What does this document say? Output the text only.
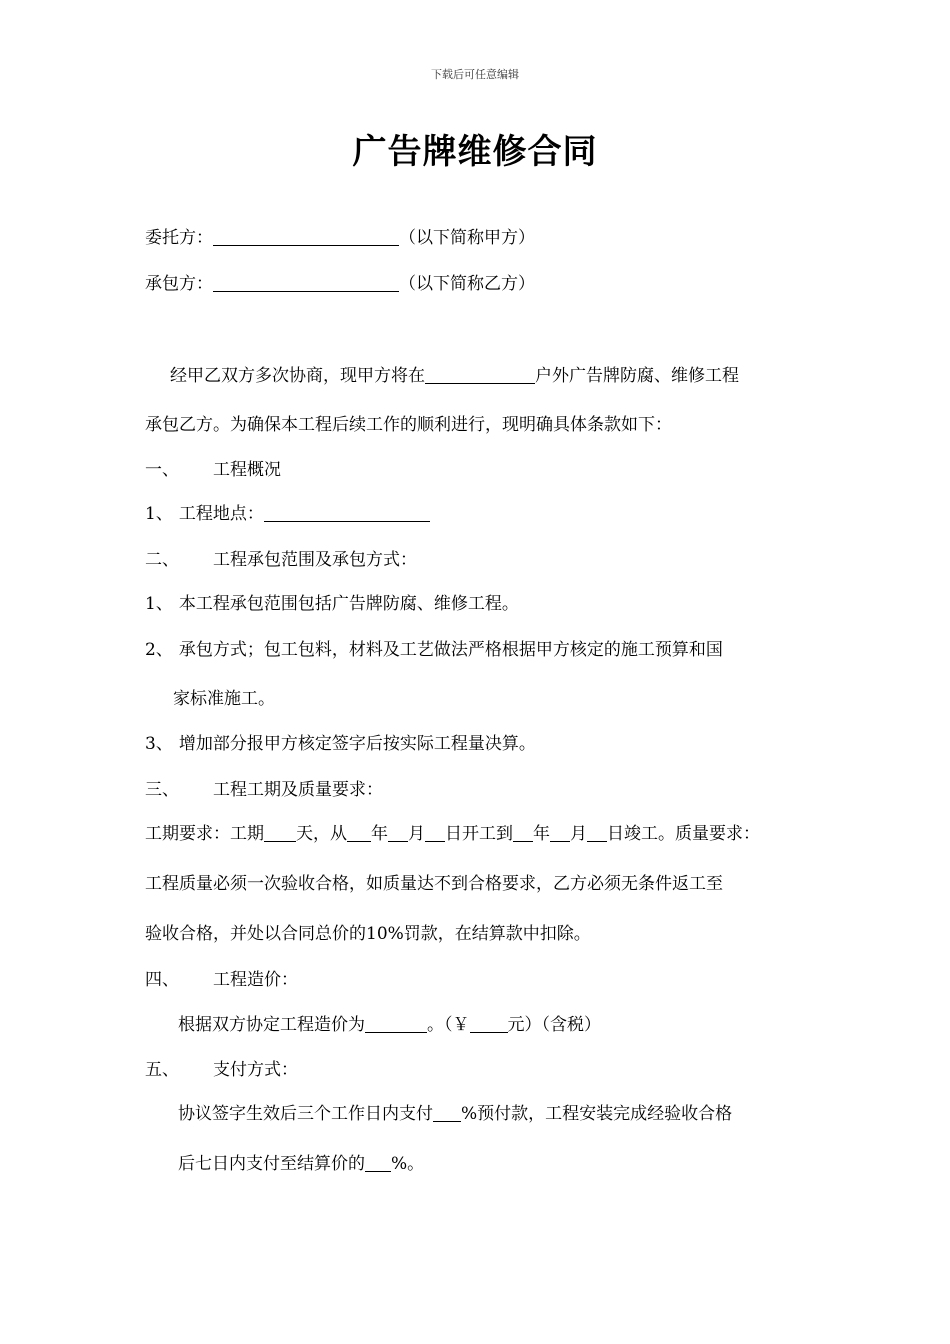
下载后可任意编辑
广告牌维修合同
委托方：	（以下简称甲方）
承包方：	（以下简称乙方）
经甲乙双方多次协商，现甲方将在	户外广告牌防腐、维修工程
承包乙方。为确保本工程后续工作的顺利进行，现明确具体条款如下：
一、 工程概况
1、 工程地点：
二、 工程承包范围及承包方式：
1、 本工程承包范围包括广告牌防腐、维修工程。
2、 承包方式；包工包料，材料及工艺做法严格根据甲方核定的施工预算和国
家标准施工。
3、 增加部分报甲方核定签字后按实际工程量决算。
三、 工程工期及质量要求：
工期要求：工期 天，从 年 月 日开工到 年 月 日竣工。质量要求：
工程质量必须一次验收合格，如质量达不到合格要求，乙方必须无条件返工至
验收合格，并处以合同总价的10%罚款，在结算款中扣除。
四、 工程造价：
根据双方协定工程造价为	。（￥ 元）（含税）
五、 支付方式：
协议签字生效后三个工作日内支付 %预付款，工程安装完成经验收合格
后七日内支付至结算价的 %。
